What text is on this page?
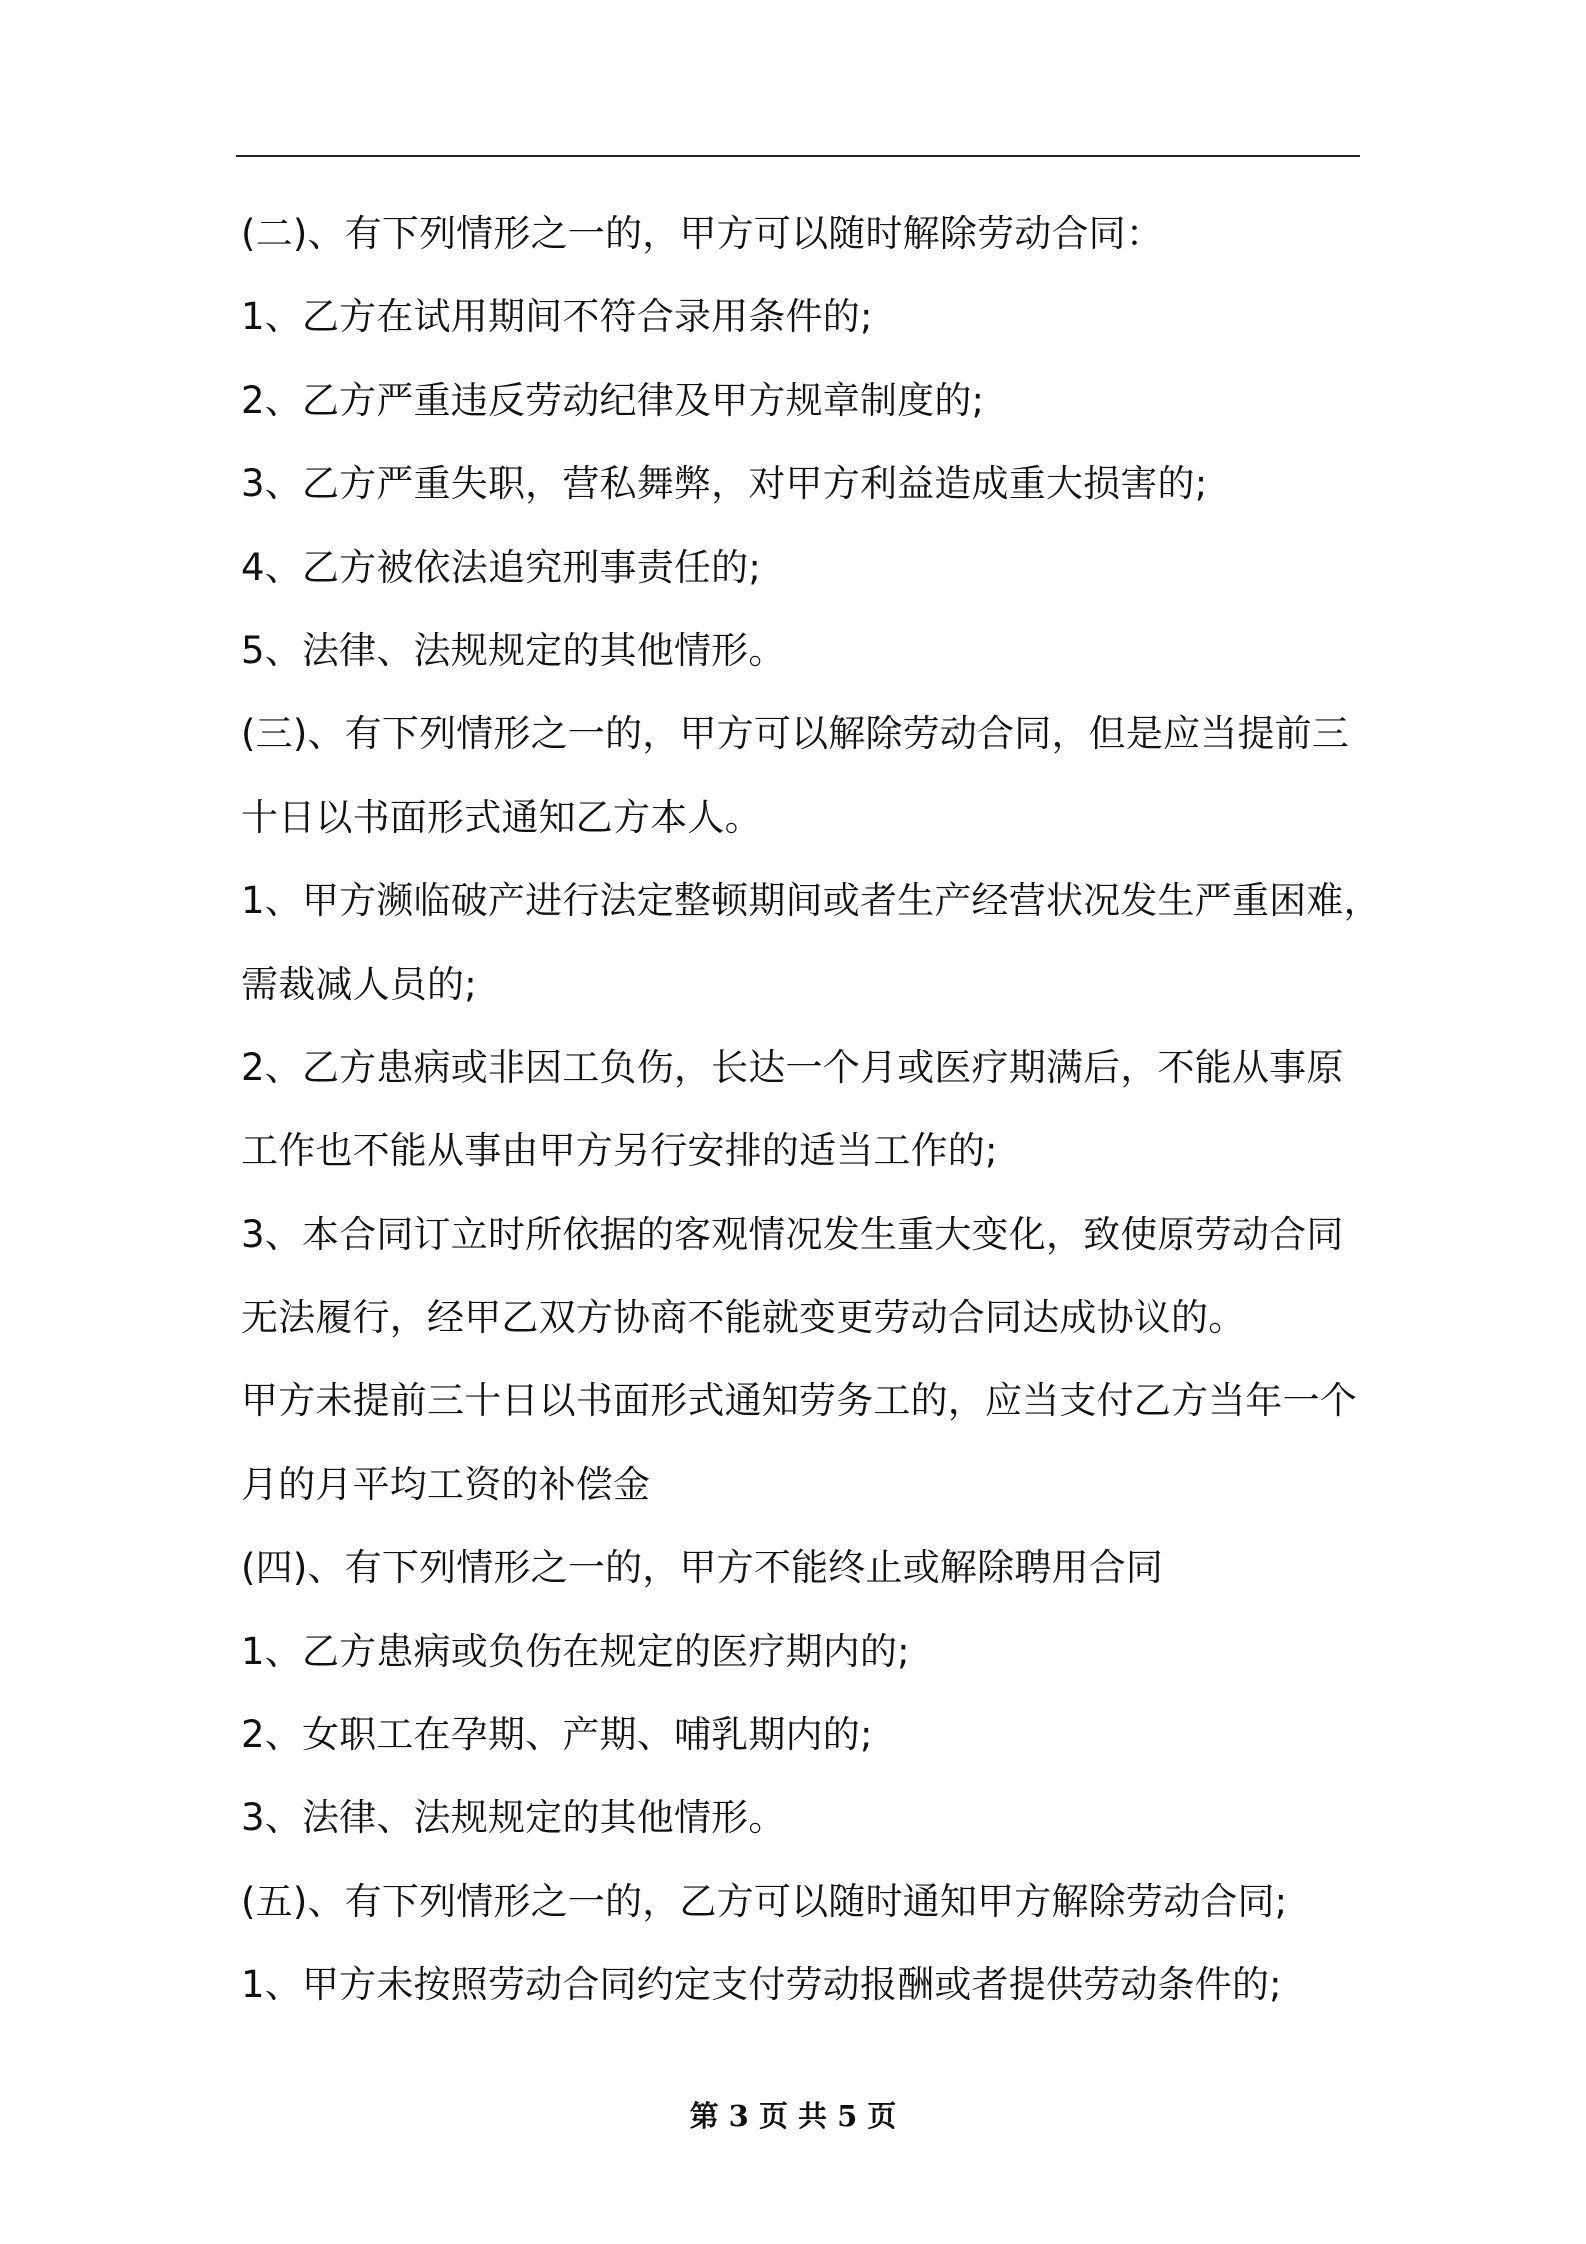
(二)、有下列情形之一的，甲方可以随时解除劳动合同：
1、乙方在试用期间不符合录用条件的;
2、乙方严重违反劳动纪律及甲方规章制度的;
3、乙方严重失职，营私舞弊，对甲方利益造成重大损害的;
4、乙方被依法追究刑事责任的;
5、法律、法规规定的其他情形。
(三)、有下列情形之一的，甲方可以解除劳动合同，但是应当提前三
十日以书面形式通知乙方本人。
1、甲方濒临破产进行法定整顿期间或者生产经营状况发生严重困难，
需裁减人员的;
2、乙方患病或非因工负伤，长达一个月或医疗期满后，不能从事原
工作也不能从事由甲方另行安排的适当工作的;
3、本合同订立时所依据的客观情况发生重大变化，致使原劳动合同
无法履行，经甲乙双方协商不能就变更劳动合同达成协议的。
甲方未提前三十日以书面形式通知劳务工的，应当支付乙方当年一个
月的月平均工资的补偿金
(四)、有下列情形之一的，甲方不能终止或解除聘用合同
1、乙方患病或负伤在规定的医疗期内的;
2、女职工在孕期、产期、哺乳期内的;
3、法律、法规规定的其他情形。
(五)、有下列情形之一的，乙方可以随时通知甲方解除劳动合同;
1、甲方未按照劳动合同约定支付劳动报酬或者提供劳动条件的;
第 3 页 共 5 页
